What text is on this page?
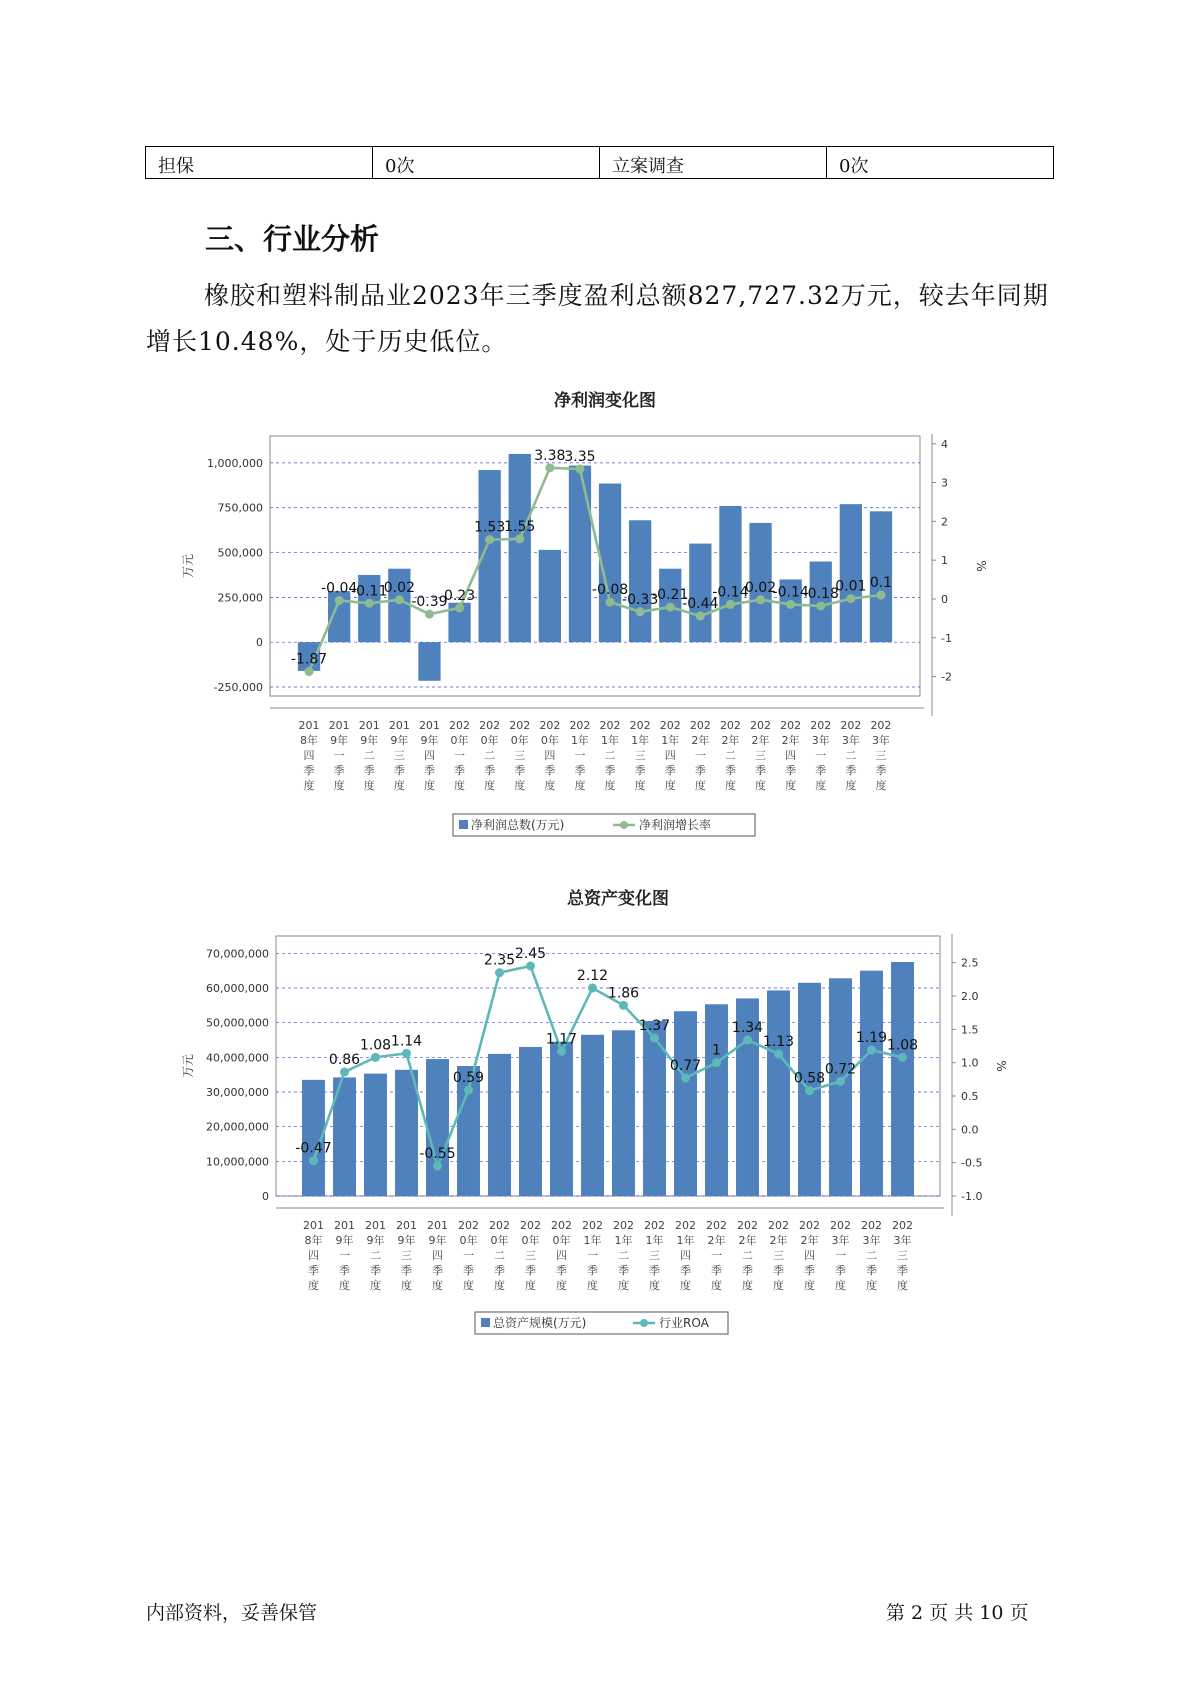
担保	0次	立案调查	0次
三、行业分析

橡胶和塑料制品业2023年三季度盈利总额827,727.32万元，较去年同期增长10.48%，处于历史低位。

净利润变化图
-250,000
0
250,000
500,000
750,000
1,000,000
万元
-2
-1
0
1
2
3
4
%
-1.87
-0.04
-0.11
0.02
-0.39
0.23
1.53
1.55
3.38
3.35
-0.08
-0.33
-0.21
-0.44
-0.14
0.02
-0.14
-0.18
0.01 0.1
201 8年四季度
201 9年一季度
201 9年二季度
201 9年三季度
201 9年四季度
202 0年一季度
202 0年二季度
202 0年三季度
202 0年四季度
202 1年一季度
202 1年二季度
202 1年三季度
202 1年四季度
202 2年一季度
202 2年二季度
202 2年三季度
202 2年四季度
202 3年一季度
202 3年二季度
202 3年三季度
净利润总数(万元)	净利润增长率
总资产变化图
0
10,000,000
20,000,000
30,000,000
40,000,000
50,000,000
60,000,000
70,000,000
万元
-1.0
-0.5
0.0
0.5
1.0
1.5
2.0
2.5
%
-0.47
0.86
1.08 1.14
-0.55
0.59
2.35 2.45
1.17
2.12
1.86
1.37
0.77
1
1.34
1.13
0.58
0.72
1.19 1.08
201 8年四季度
201 9年一季度
201 9年二季度
201 9年三季度
201 9年四季度
202 0年一季度
202 0年二季度
202 0年三季度
202 0年四季度
202 1年一季度
202 1年二季度
202 1年三季度
202 1年四季度
202 2年一季度
202 2年二季度
202 2年三季度
202 2年四季度
202 3年一季度
202 3年二季度
202 3年三季度
总资产规模(万元)	行业ROA
内部资料，妥善保管	第 2 页 共 10 页
